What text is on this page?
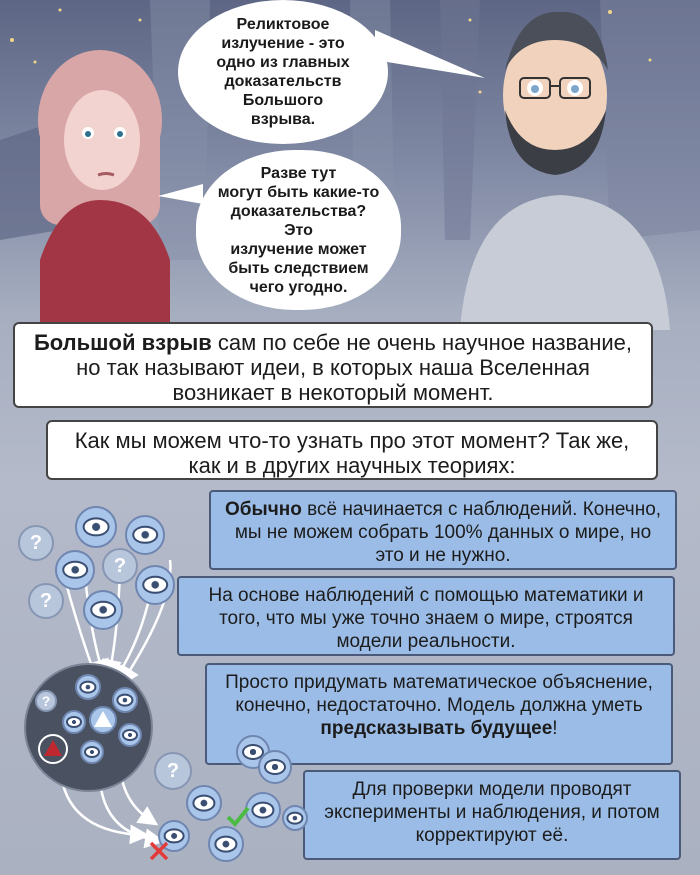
Реликтовое
излучение - это
одно из главных
доказательств
Большого
взрыва.
Разве тут
могут быть какие-то
доказательства?
Это
излучение может
быть следствием
чего угодно.
Большой взрыв сам по себе не очень научное название, но так называют идеи, в которых наша Вселенная возникает в некоторый момент.
Как мы можем что-то узнать про этот момент? Так же, как и в других научных теориях:
Обычно всё начинается с наблюдений. Конечно, мы не можем собрать 100% данных о мире, но это и не нужно.
На основе наблюдений с помощью математики и того, что мы уже точно знаем о мире, строятся модели реальности.
Просто придумать математическое объяснение, конечно, недостаточно. Модель должна уметь предсказывать будущее!
Для проверки модели проводят эксперименты и наблюдения, и потом корректируют её.
?
?
?
?
?
